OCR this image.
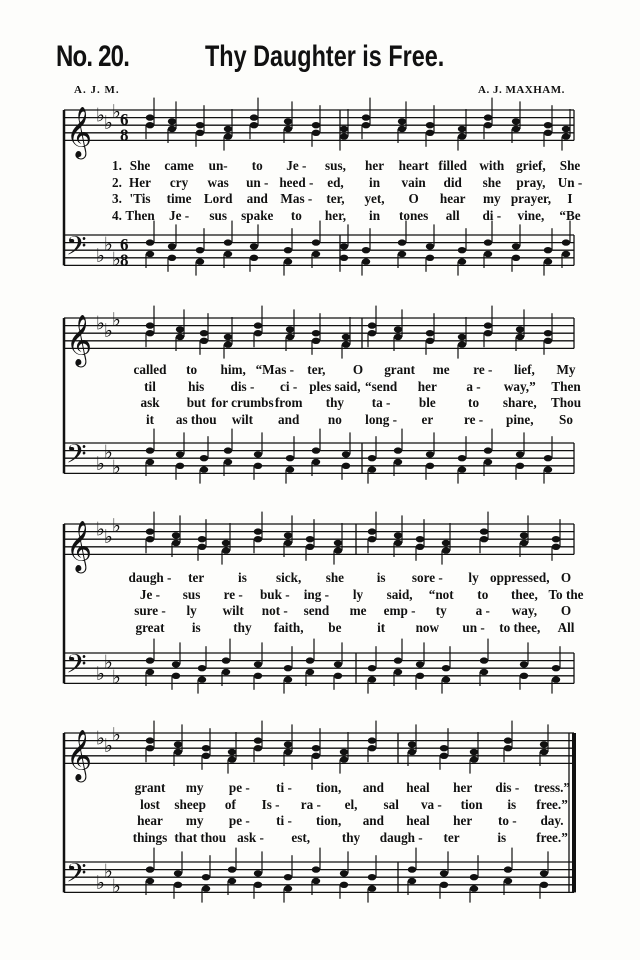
No. 20.	Thy Daughter is Free.
A. J. M.	A. J. MAXHAM.
♭ ♭
♭
𝄞 6
8
♭
♭
♭
𝄢 6
8
♭ ♭
♭
𝄞
♭
♭
♭
𝄢
♭ ♭
♭
𝄞
♭
♭
♭
𝄢
♭ ♭
♭
𝄞
♭
♭
♭
𝄢
1. She came un- to Je - sus, her heart filled with grief, She
2. Her cry was un - heed - ed, in vain did she pray, Un -
3. 'Tis time Lord and Mas - ter, yet, O hear my prayer, I
4. Then Je - sus spake to her, in tones all di - vine, “Be
called to him, “Mas - ter, O grant me re - lief, My
til his dis - ci - ples said, “send her a - way,” Then
ask but for crumbs from thy ta - ble to share, Thou
it as thou wilt and no long - er re - pine, So
daugh - ter	is sick, she is sore - ly oppressed, O
Je - sus re - buk - ing - ly said, “not to thee, To the
sure - ly wilt not - send me emp - ty a - way, O
great is thy faith, be	it now un - to thee, All
grant my pe - ti - tion, and heal her dis - tress.”
lost sheep of Is - ra - el, sal va - tion is free.”
hear my pe - ti - tion, and heal her to - day.
things that thou ask - est, thy daugh - ter	is free.”
